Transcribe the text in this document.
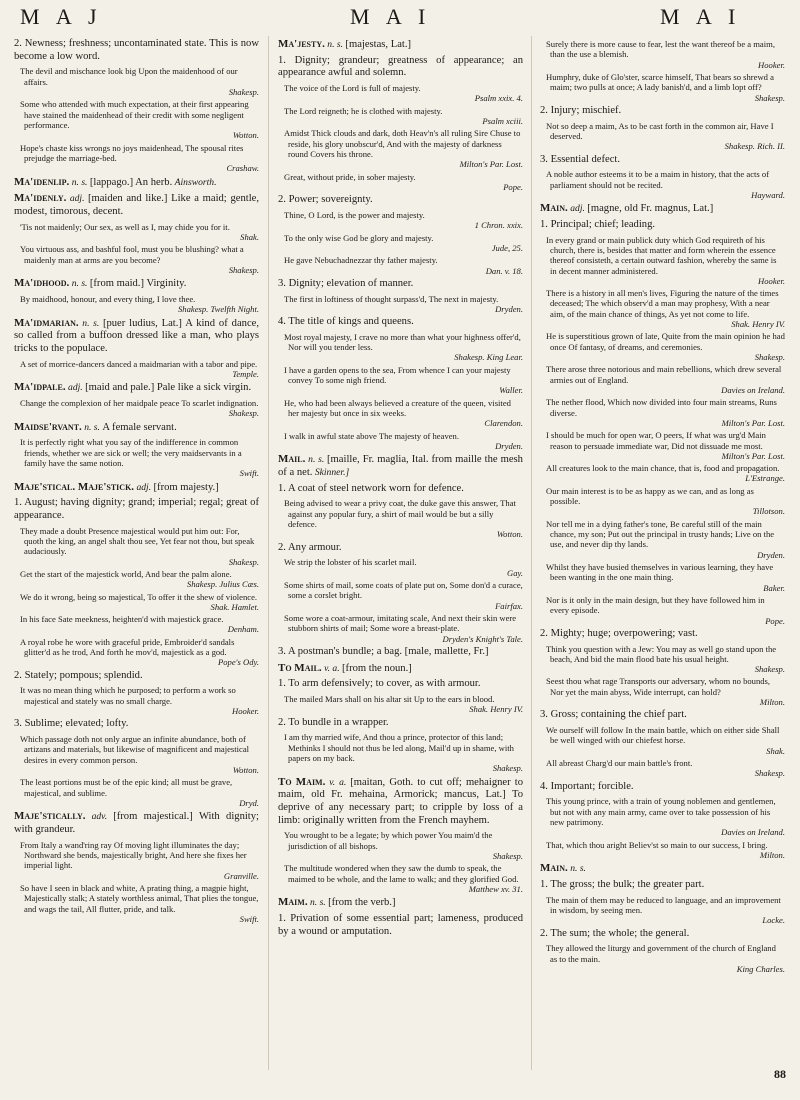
M A J	M A I	M A I
2. Newness; freshness; uncontaminated state. This is now become a low word.
The devil and mischance look big Upon the maidenhood of our affairs.
Shakesp.
Some who attended with much expectation, at their first appearing have stained the maidenhead of their credit with some negligent performance.
Wotton.
Hope's chaste kiss wrongs no joys maidenhead, The spousal rites prejudge the marriage-bed.
Crashaw.
Ma'idenlip. n. s. [lappago.] An herb. Ainsworth.
Ma'idenly. adj. [maiden and like.] Like a maid; gentle, modest, timorous, decent.
'Tis not maidenly; Our sex, as well as I, may chide you for it.
Shak.
You virtuous ass, and bashful fool, must you be blushing? what a maidenly man at arms are you become?
Shakesp.
Ma'idhood. n. s. [from maid.] Virginity.
By maidhood, honour, and every thing, I love thee.
Shakesp. Twelfth Night.
Ma'idmarian. n. s. [puer ludius, Lat.] A kind of dance, so called from a buffoon dressed like a man, who plays tricks to the populace.
A set of morrice-dancers danced a maidmarian with a tabor and pipe.
Temple.
Ma'idpale. adj. [maid and pale.] Pale like a sick virgin.
Change the complexion of her maidpale peace To scarlet indignation.
Shakesp.
Maidse'rvant. n. s. A female servant.
It is perfectly right what you say of the indifference in common friends, whether we are sick or well; the very maidservants in a family have the same notion.
Swift.
Maje'stical. Maje'stick. adj. [from majesty.]
1. August; having dignity; grand; imperial; regal; great of appearance.
They made a doubt Presence majestical would put him out: For, quoth the king, an angel shalt thou see, Yet fear not thou, but speak audaciously.
Shakesp.
Get the start of the majestick world, And bear the palm alone.
Shakesp. Julius Cæs.
We do it wrong, being so majestical, To offer it the shew of violence.
Shak. Hamlet.
In his face Sate meekness, heighten'd with majestick grace.
Denham.
A royal robe he wore with graceful pride, Embroider'd sandals glitter'd as he trod, And forth he mov'd, majestick as a god.
Pope's Ody.
2. Stately; pompous; splendid.
It was no mean thing which he purposed; to perform a work so majestical and stately was no small charge.
Hooker.
3. Sublime; elevated; lofty.
Which passage doth not only argue an infinite abundance, both of artizans and materials, but likewise of magnificent and majestical desires in every common person.
Wotton.
The least portions must be of the epic kind; all must be grave, majestical, and sublime.
Dryd.
Maje'stically. adv. [from majestical.] With dignity; with grandeur.
From Italy a wand'ring ray Of moving light illuminates the day; Northward she bends, majestically bright, And here she fixes her imperial light.
Granville.
So have I seen in black and white, A prating thing, a magpie hight, Majestically stalk; A stately worthless animal, That plies the tongue, and wags the tail, All flutter, pride, and talk.
Swift.
Ma'jesty. n. s. [majestas, Lat.]
1. Dignity; grandeur; greatness of appearance; an appearance awful and solemn.
The voice of the Lord is full of majesty.
Psalm xxix. 4.
The Lord reigneth; he is clothed with majesty.
Psalm xciii.
Amidst Thick clouds and dark, doth Heav'n's all ruling Sire Chuse to reside, his glory unobscur'd, And with the majesty of darkness round Covers his throne.
Milton's Par. Lost.
Great, without pride, in sober majesty.
Pope.
2. Power; sovereignty.
Thine, O Lord, is the power and majesty.
1 Chron. xxix.
To the only wise God be glory and majesty.
Jude, 25.
He gave Nebuchadnezzar thy father majesty.
Dan. v. 18.
3. Dignity; elevation of manner.
The first in loftiness of thought surpass'd, The next in majesty.
Dryden.
4. The title of kings and queens.
Most royal majesty, I crave no more than what your highness offer'd, Nor will you tender less.
Shakesp. King Lear.
I have a garden opens to the sea, From whence I can your majesty convey To some nigh friend.
Waller.
He, who had been always believed a creature of the queen, visited her majesty but once in six weeks.
Clarendon.
I walk in awful state above The majesty of heaven.
Dryden.
Mail. n. s. [maille, Fr. maglia, Ital. from maille the mesh of a net. Skinner.]
1. A coat of steel network worn for defence.
Being advised to wear a privy coat, the duke gave this answer, That against any popular fury, a shirt of mail would be but a silly defence.
Wotton.
2. Any armour.
We strip the lobster of his scarlet mail.
Gay.
Some shirts of mail, some coats of plate put on, Some don'd a curace, some a corslet bright.
Fairfax.
Some wore a coat-armour, imitating scale, And next their skin were stubborn shirts of mail; Some wore a breast-plate.
Dryden's Knight's Tale.
3. A postman's bundle; a bag. [male, mallette, Fr.]
To Mail. v. a. [from the noun.]
1. To arm defensively; to cover, as with armour.
The mailed Mars shall on his altar sit Up to the ears in blood.
Shak. Henry IV.
2. To bundle in a wrapper.
I am thy married wife, And thou a prince, protector of this land; Methinks I should not thus be led along, Mail'd up in shame, with papers on my back.
Shakesp.
To Maim. v. a. [maitan, Goth. to cut off; mehaigner to maim, old Fr. mehaina, Armorick; mancus, Lat.] To deprive of any necessary part; to cripple by loss of a limb: originally written from the French mayhem.
You wrought to be a legate; by which power You maim'd the jurisdiction of all bishops.
Shakesp.
The multitude wondered when they saw the dumb to speak, the maimed to be whole, and the lame to walk; and they glorified God.
Matthew xv. 31.
Maim. n. s. [from the verb.]
1. Privation of some essential part; lameness, produced by a wound or amputation.
Surely there is more cause to fear, lest the want thereof be a maim, than the use a blemish.
Hooker.
Humphry, duke of Glo'ster, scarce himself, That bears so shrewd a maim; two pulls at once; A lady banish'd, and a limb lopt off?
Shakesp.
2. Injury; mischief.
Not so deep a maim, As to be cast forth in the common air, Have I deserved.
Shakesp. Rich. II.
3. Essential defect.
A noble author esteems it to be a maim in history, that the acts of parliament should not be recited.
Hayward.
Main. adj. [magne, old Fr. magnus, Lat.]
1. Principal; chief; leading.
In every grand or main publick duty which God requireth of his church, there is, besides that matter and form wherein the essence thereof consisteth, a certain outward fashion, whereby the same is in decent manner administered.
Hooker.
There is a history in all men's lives, Figuring the nature of the times deceased; The which observ'd a man may prophesy, With a near aim, of the main chance of things, As yet not come to life.
Shak. Henry IV.
He is superstitious grown of late, Quite from the main opinion he had once Of fantasy, of dreams, and ceremonies.
Shakesp.
There arose three notorious and main rebellions, which drew several armies out of England.
Davies on Ireland.
The nether flood, Which now divided into four main streams, Runs diverse.
Milton's Par. Lost.
I should be much for open war, O peers, If what was urg'd Main reason to persuade immediate war, Did not dissuade me most.
Milton's Par. Lost.
All creatures look to the main chance, that is, food and propagation.
L'Estrange.
Our main interest is to be as happy as we can, and as long as possible.
Tillotson.
Nor tell me in a dying father's tone, Be careful still of the main chance, my son; Put out the principal in trusty hands; Live on the use, and never dip thy lands.
Dryden.
Whilst they have busied themselves in various learning, they have been wanting in the one main thing.
Baker.
Nor is it only in the main design, but they have followed him in every episode.
Pope.
2. Mighty; huge; overpowering; vast.
Think you question with a Jew: You may as well go stand upon the beach, And bid the main flood bate his usual height.
Shakesp.
Seest thou what rage Transports our adversary, whom no bounds, Nor yet the main abyss, Wide interrupt, can hold?
Milton.
3. Gross; containing the chief part.
We ourself will follow In the main battle, which on either side Shall be well winged with our chiefest horse.
Shak.
All abreast Charg'd our main battle's front.
Shakesp.
4. Important; forcible.
This young prince, with a train of young noblemen and gentlemen, but not with any main army, came over to take possession of his new patrimony.
Davies on Ireland.
That, which thou aright Believ'st so main to our success, I bring.
Milton.
Main. n. s.
1. The gross; the bulk; the greater part.
The main of them may be reduced to language, and an improvement in wisdom, by seeing men.
Locke.
2. The sum; the whole; the general.
They allowed the liturgy and government of the church of England as to the main.
King Charles.
88
